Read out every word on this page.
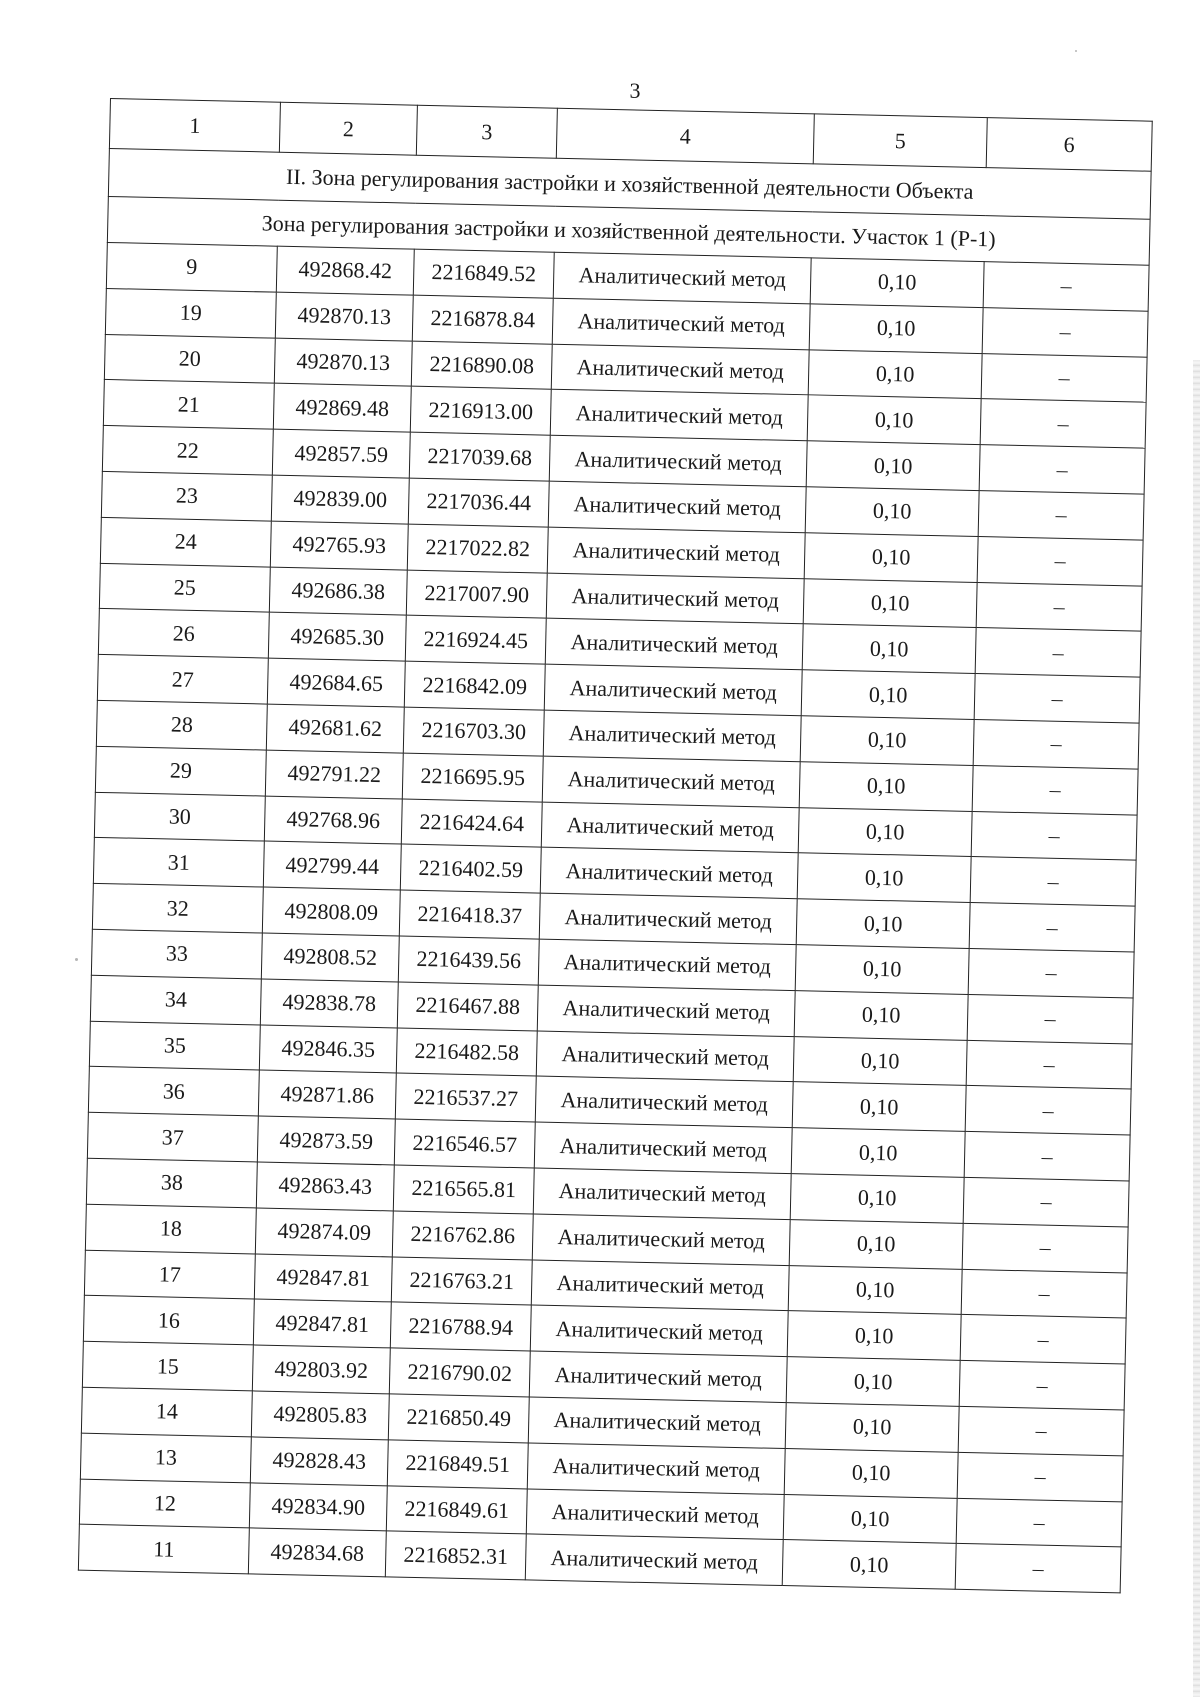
3
1	2	3	4	5	6
II. Зона регулирования застройки и хозяйственной деятельности Объекта					
Зона регулирования застройки и хозяйственной деятельности. Участок 1 (Р-1)					
9	492868.42	2216849.52	Аналитический метод	0,10	–
19	492870.13	2216878.84	Аналитический метод	0,10	–
20	492870.13	2216890.08	Аналитический метод	0,10	–
21	492869.48	2216913.00	Аналитический метод	0,10	–
22	492857.59	2217039.68	Аналитический метод	0,10	–
23	492839.00	2217036.44	Аналитический метод	0,10	–
24	492765.93	2217022.82	Аналитический метод	0,10	–
25	492686.38	2217007.90	Аналитический метод	0,10	–
26	492685.30	2216924.45	Аналитический метод	0,10	–
27	492684.65	2216842.09	Аналитический метод	0,10	–
28	492681.62	2216703.30	Аналитический метод	0,10	–
29	492791.22	2216695.95	Аналитический метод	0,10	–
30	492768.96	2216424.64	Аналитический метод	0,10	–
31	492799.44	2216402.59	Аналитический метод	0,10	–
32	492808.09	2216418.37	Аналитический метод	0,10	–
33	492808.52	2216439.56	Аналитический метод	0,10	–
34	492838.78	2216467.88	Аналитический метод	0,10	–
35	492846.35	2216482.58	Аналитический метод	0,10	–
36	492871.86	2216537.27	Аналитический метод	0,10	–
37	492873.59	2216546.57	Аналитический метод	0,10	–
38	492863.43	2216565.81	Аналитический метод	0,10	–
18	492874.09	2216762.86	Аналитический метод	0,10	–
17	492847.81	2216763.21	Аналитический метод	0,10	–
16	492847.81	2216788.94	Аналитический метод	0,10	–
15	492803.92	2216790.02	Аналитический метод	0,10	–
14	492805.83	2216850.49	Аналитический метод	0,10	–
13	492828.43	2216849.51	Аналитический метод	0,10	–
12	492834.90	2216849.61	Аналитический метод	0,10	–
11	492834.68	2216852.31	Аналитический метод	0,10	–
